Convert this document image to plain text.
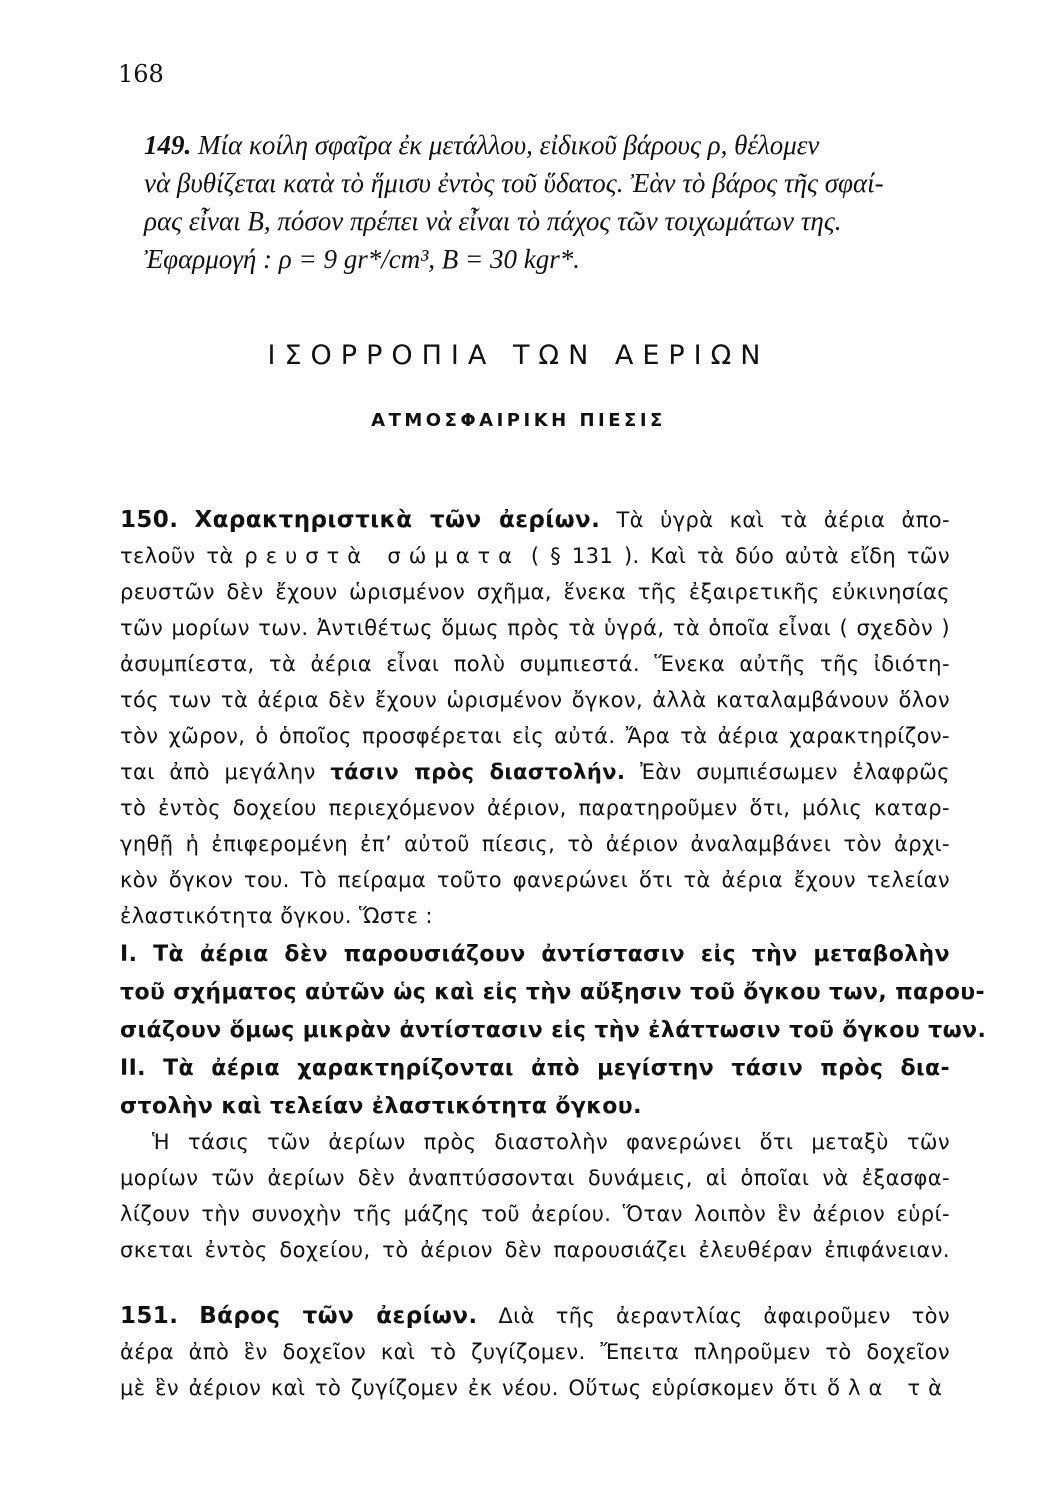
168
149. Μία κοίλη σφαῖρα ἐκ μετάλλου, εἰδικοῦ βάρους ρ, θέλομεν
νὰ βυθίζεται κατὰ τὸ ἥμισυ ἐντὸς τοῦ ὕδατος. Ἐὰν τὸ βάρος τῆς σφαί-
ρας εἶναι Β, πόσον πρέπει νὰ εἶναι τὸ πάχος τῶν τοιχωμάτων της.
Ἐφαρμογή : ρ = 9 gr*/cm³, Β = 30 kgr*.
ΙΣΟΡΡΟΠΙΑ ΤΩΝ ΑΕΡΙΩΝ
ΑΤΜΟΣΦΑΙΡΙΚΗ ΠΙΕΣΙΣ
150. Χαρακτηριστικὰ τῶν ἀερίων. Τὰ ὑγρὰ καὶ τὰ ἀέρια ἀπο-
τελοῦν τὰ ρευστὰ σώματα ( § 131 ). Καὶ τὰ δύο αὐτὰ εἴδη τῶν
ρευστῶν δὲν ἔχουν ὡρισμένον σχῆμα, ἕνεκα τῆς ἐξαιρετικῆς εὐκινησίας
τῶν μορίων των. Ἀντιθέτως ὅμως πρὸς τὰ ὑγρά, τὰ ὁποῖα εἶναι ( σχεδὸν )
ἀσυμπίεστα, τὰ ἀέρια εἶναι πολὺ συμπιεστά. Ἕνεκα αὐτῆς τῆς ἰδιότη-
τός των τὰ ἀέρια δὲν ἔχουν ὡρισμένον ὄγκον, ἀλλὰ καταλαμβάνουν ὅλον
τὸν χῶρον, ὁ ὁποῖος προσφέρεται εἰς αὐτά. Ἄρα τὰ ἀέρια χαρακτηρίζον-
ται ἀπὸ μεγάλην τάσιν πρὸς διαστολήν. Ἐὰν συμπιέσωμεν ἐλαφρῶς
τὸ ἐντὸς δοχείου περιεχόμενον ἀέριον, παρατηροῦμεν ὅτι, μόλις καταρ-
γηθῇ ἡ ἐπιφερομένη ἐπ’ αὐτοῦ πίεσις, τὸ ἀέριον ἀναλαμβάνει τὸν ἀρχι-
κὸν ὄγκον του. Τὸ πείραμα τοῦτο φανερώνει ὅτι τὰ ἀέρια ἔχουν τελείαν
ἐλαστικότητα ὄγκου. Ὥστε :
Ι. Τὰ ἀέρια δὲν παρουσιάζουν ἀντίστασιν εἰς τὴν μεταβολὴν
τοῦ σχήματος αὐτῶν ὡς καὶ εἰς τὴν αὔξησιν τοῦ ὄγκου των, παρου-
σιάζουν ὅμως μικρὰν ἀντίστασιν εἰς τὴν ἐλάττωσιν τοῦ ὄγκου των.
ΙΙ. Τὰ ἀέρια χαρακτηρίζονται ἀπὸ μεγίστην τάσιν πρὸς δια-
στολὴν καὶ τελείαν ἐλαστικότητα ὄγκου.
Ἡ τάσις τῶν ἀερίων πρὸς διαστολὴν φανερώνει ὅτι μεταξὺ τῶν
μορίων τῶν ἀερίων δὲν ἀναπτύσσονται δυνάμεις, αἱ ὁποῖαι νὰ ἐξασφα-
λίζουν τὴν συνοχὴν τῆς μάζης τοῦ ἀερίου. Ὅταν λοιπὸν ἓν ἀέριον εὑρί-
σκεται ἐντὸς δοχείου, τὸ ἀέριον δὲν παρουσιάζει ἐλευθέραν ἐπιφάνειαν.
151. Βάρος τῶν ἀερίων. Διὰ τῆς ἀεραντλίας ἀφαιροῦμεν τὸν
ἀέρα ἀπὸ ἓν δοχεῖον καὶ τὸ ζυγίζομεν. Ἔπειτα πληροῦμεν τὸ δοχεῖον
μὲ ἓν ἀέριον καὶ τὸ ζυγίζομεν ἐκ νέου. Οὕτως εὑρίσκομεν ὅτι ὅλα τὰ
